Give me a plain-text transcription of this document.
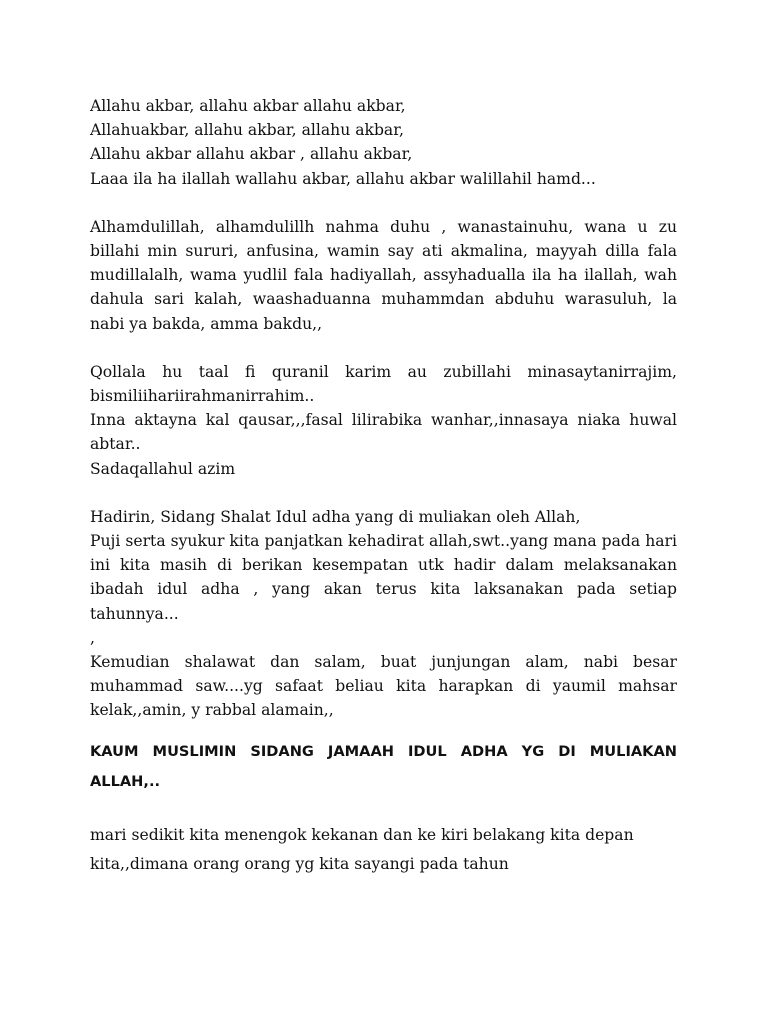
Allahu akbar, allahu akbar allahu akbar,

Allahuakbar, allahu akbar, allahu akbar,

Allahu akbar allahu akbar , allahu akbar,

Laaa ila ha ilallah wallahu akbar, allahu akbar walillahil hamd...

Alhamdulillah, alhamdulillh nahma duhu , wanastainuhu, wana u zu billahi min sururi, anfusina, wamin say ati akmalina, mayyah dilla fala mudillalalh, wama yudlil fala hadiyallah, assyhadualla ila ha ilallah, wah dahula sari kalah, waashaduanna muhammdan abduhu warasuluh, la nabi ya bakda, amma bakdu,,

Qollala hu taal fi quranil karim au zubillahi minasaytanirrajim, bismiliihariirahmanirrahim..

Inna aktayna kal qausar,,,fasal lilirabika wanhar,,innasaya niaka huwal abtar..

Sadaqallahul azim

Hadirin, Sidang Shalat Idul adha yang di muliakan oleh Allah,

Puji serta syukur kita panjatkan kehadirat allah,swt..yang mana pada hari ini kita masih di berikan kesempatan utk hadir dalam melaksanakan ibadah idul adha , yang akan terus kita laksanakan pada setiap tahunnya...

,

Kemudian shalawat dan salam, buat junjungan alam, nabi besar muhammad saw....yg safaat beliau kita harapkan di yaumil mahsar kelak,,amin, y rabbal alamain,,

KAUM MUSLIMIN SIDANG JAMAAH IDUL ADHA YG DI MULIAKAN ALLAH,..

mari sedikit kita menengok kekanan dan ke kiri belakang kita depan kita,,dimana orang orang yg kita sayangi pada tahun
